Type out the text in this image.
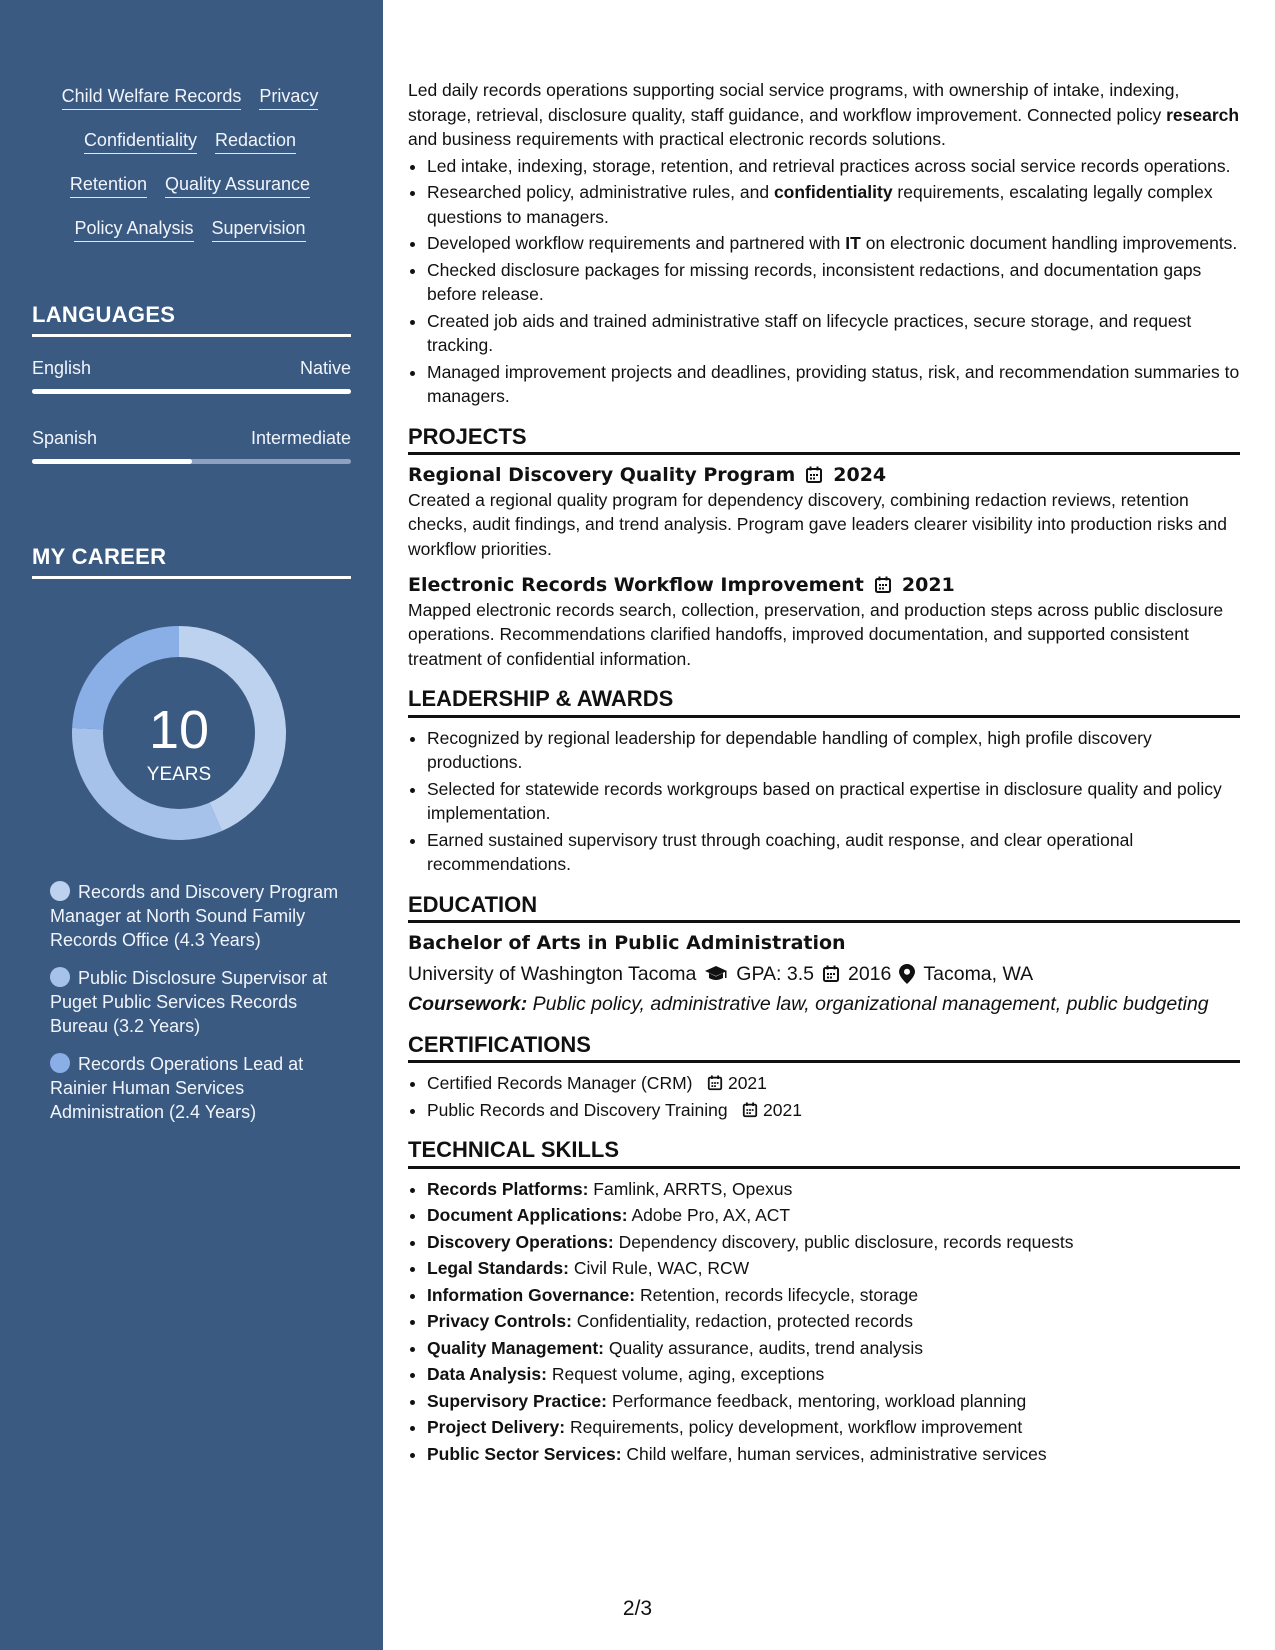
Child Welfare Records Privacy
Confidentiality Redaction
Retention Quality Assurance
Policy Analysis Supervision
LANGUAGES
English	Native
Spanish	Intermediate
MY CAREER
10
YEARS
Records and Discovery Program Manager at North Sound Family Records Office (4.3 Years)
Public Disclosure Supervisor at Puget Public Services Records Bureau (3.2 Years)
Records Operations Lead at Rainier Human Services Administration (2.4 Years)

Led daily records operations supporting social service programs, with ownership of intake, indexing, storage, retrieval, disclosure quality, staff guidance, and workflow improvement. Connected policy research and business requirements with practical electronic records solutions.

• Led intake, indexing, storage, retention, and retrieval practices across social service records operations.
• Researched policy, administrative rules, and confidentiality requirements, escalating legally complex questions to managers.
• Developed workflow requirements and partnered with IT on electronic document handling improvements.
• Checked disclosure packages for missing records, inconsistent redactions, and documentation gaps before release.
• Created job aids and trained administrative staff on lifecycle practices, secure storage, and request tracking.
• Managed improvement projects and deadlines, providing status, risk, and recommendation summaries to managers.
PROJECTS
Regional Discovery Quality Program 2024

Created a regional quality program for dependency discovery, combining redaction reviews, retention checks, audit findings, and trend analysis. Program gave leaders clearer visibility into production risks and workflow priorities.

Electronic Records Workflow Improvement 2021

Mapped electronic records search, collection, preservation, and production steps across public disclosure operations. Recommendations clarified handoffs, improved documentation, and supported consistent treatment of confidential information.

LEADERSHIP & AWARDS
• Recognized by regional leadership for dependable handling of complex, high profile discovery productions.
• Selected for statewide records workgroups based on practical expertise in disclosure quality and policy implementation.
• Earned sustained supervisory trust through coaching, audit response, and clear operational recommendations.
EDUCATION
Bachelor of Arts in Public Administration
University of Washington Tacoma GPA: 3.5 2016 Tacoma, WA
Coursework: Public policy, administrative law, organizational management, public budgeting
CERTIFICATIONS
• Certified Records Manager (CRM) 2021
• Public Records and Discovery Training 2021
TECHNICAL SKILLS
• Records Platforms: Famlink, ARRTS, Opexus
• Document Applications: Adobe Pro, AX, ACT
• Discovery Operations: Dependency discovery, public disclosure, records requests
• Legal Standards: Civil Rule, WAC, RCW
• Information Governance: Retention, records lifecycle, storage
• Privacy Controls: Confidentiality, redaction, protected records
• Quality Management: Quality assurance, audits, trend analysis
• Data Analysis: Request volume, aging, exceptions
• Supervisory Practice: Performance feedback, mentoring, workload planning
• Project Delivery: Requirements, policy development, workflow improvement
• Public Sector Services: Child welfare, human services, administrative services
2/3
